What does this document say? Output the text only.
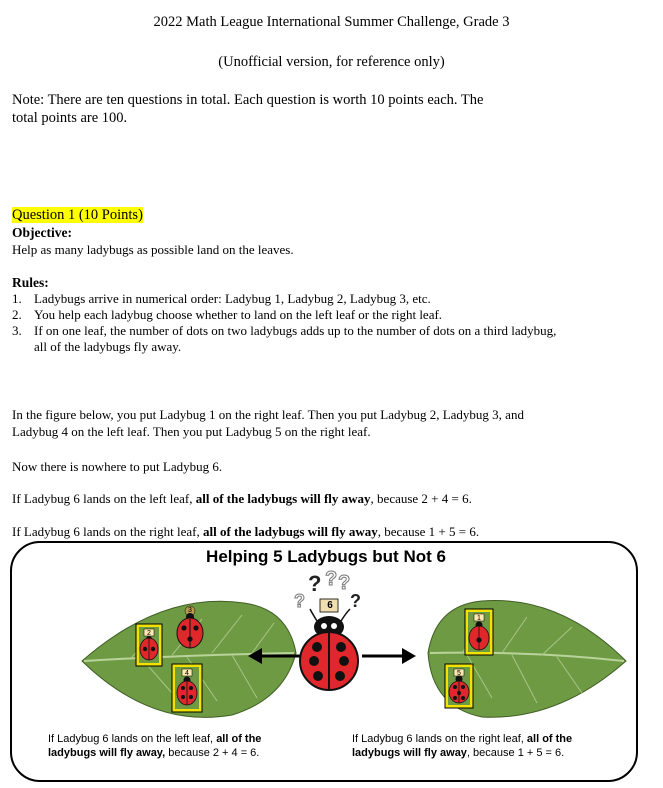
2022 Math League International Summer Challenge, Grade 3
(Unofficial version, for reference only)
Note: There are ten questions in total. Each question is worth 10 points each. The
total points are 100.
Question 1 (10 Points)
Objective:
Help as many ladybugs as possible land on the leaves.
Rules:
1. Ladybugs arrive in numerical order: Ladybug 1, Ladybug 2, Ladybug 3, etc.
2. You help each ladybug choose whether to land on the left leaf or the right leaf.
3. If on one leaf, the number of dots on two ladybugs adds up to the number of dots on a third ladybug, all of the ladybugs fly away.
In the figure below, you put Ladybug 1 on the right leaf. Then you put Ladybug 2, Ladybug 3, and Ladybug 4 on the left leaf. Then you put Ladybug 5 on the right leaf.
Now there is nowhere to put Ladybug 6.
If Ladybug 6 lands on the left leaf, all of the ladybugs will fly away, because 2 + 4 = 6.
If Ladybug 6 lands on the right leaf, all of the ladybugs will fly away, because 1 + 5 = 6.
Helping 5 Ladybugs but Not 6
? ? ?
?	?
6
2
4
3
1
5
If Ladybug 6 lands on the left leaf, all of the
ladybugs will fly away, because 2 + 4 = 6.
If Ladybug 6 lands on the right leaf, all of the
ladybugs will fly away, because 1 + 5 = 6.
